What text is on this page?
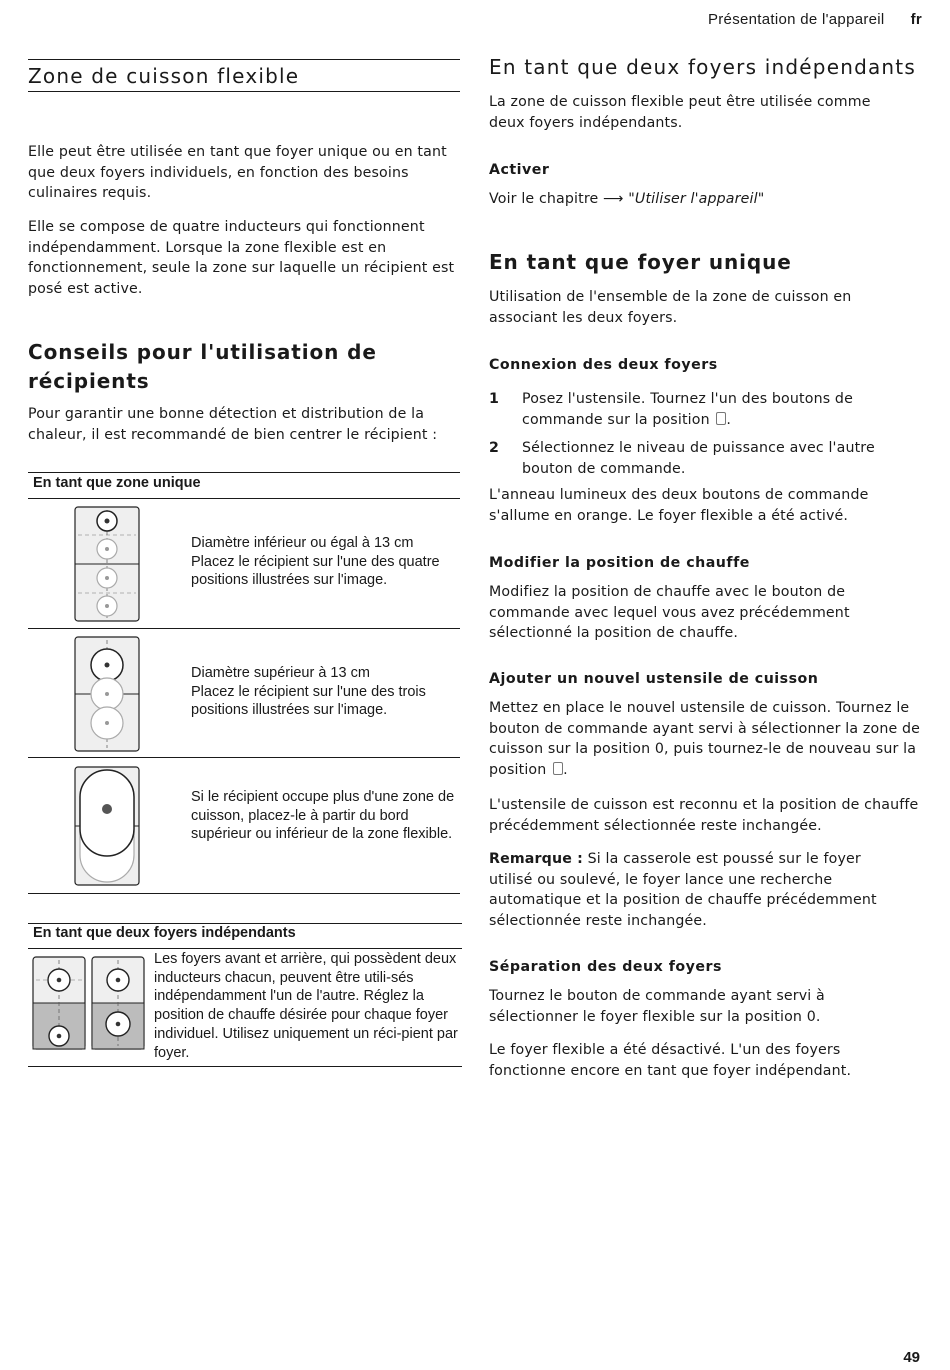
Présentation de l'appareil fr
Zone de cuisson flexible

Elle peut être utilisée en tant que foyer unique ou en tant que deux foyers individuels, en fonction des besoins culinaires requis.

Elle se compose de quatre inducteurs qui fonctionnent indépendamment. Lorsque la zone flexible est en fonctionnement, seule la zone sur laquelle un récipient est posé est active.

Conseils pour l'utilisation de récipients

Pour garantir une bonne détection et distribution de la chaleur, il est recommandé de bien centrer le récipient :

En tant que zone unique
Diamètre inférieur ou égal à 13 cm
Placez le récipient sur l'une des quatre positions illustrées sur l'image.
Diamètre supérieur à 13 cm
Placez le récipient sur l'une des trois positions illustrées sur l'image.
Si le récipient occupe plus d'une zone de cuisson, placez-le à partir du bord supérieur ou inférieur de la zone flexible.
En tant que deux foyers indépendants
Les foyers avant et arrière, qui possèdent deux inducteurs chacun, peuvent être utili-sés indépendamment l'un de l'autre. Réglez la position de chauffe désirée pour chaque foyer individuel. Utilisez uniquement un réci-pient par foyer.
En tant que deux foyers indépendants

La zone de cuisson flexible peut être utilisée comme deux foyers indépendants.

Activer

Voir le chapitre ⟶ "Utiliser l'appareil"

En tant que foyer unique

Utilisation de l'ensemble de la zone de cuisson en associant les deux foyers.

Connexion des deux foyers
1 Posez l'ustensile. Tournez l'un des boutons de commande sur la position .
2 Sélectionnez le niveau de puissance avec l'autre bouton de commande.

L'anneau lumineux des deux boutons de commande s'allume en orange. Le foyer flexible a été activé.

Modifier la position de chauffe

Modifiez la position de chauffe avec le bouton de commande avec lequel vous avez précédemment sélectionné la position de chauffe.

Ajouter un nouvel ustensile de cuisson

Mettez en place le nouvel ustensile de cuisson. Tournez le bouton de commande ayant servi à sélectionner la zone de cuisson sur la position 0, puis tournez-le de nouveau sur la position .

L'ustensile de cuisson est reconnu et la position de chauffe précédemment sélectionnée reste inchangée.

Remarque : Si la casserole est poussé sur le foyer utilisé ou soulevé, le foyer lance une recherche automatique et la position de chauffe précédemment sélectionnée reste inchangée.

Séparation des deux foyers

Tournez le bouton de commande ayant servi à sélectionner le foyer flexible sur la position 0.

Le foyer flexible a été désactivé. L'un des foyers fonctionne encore en tant que foyer indépendant.

49
